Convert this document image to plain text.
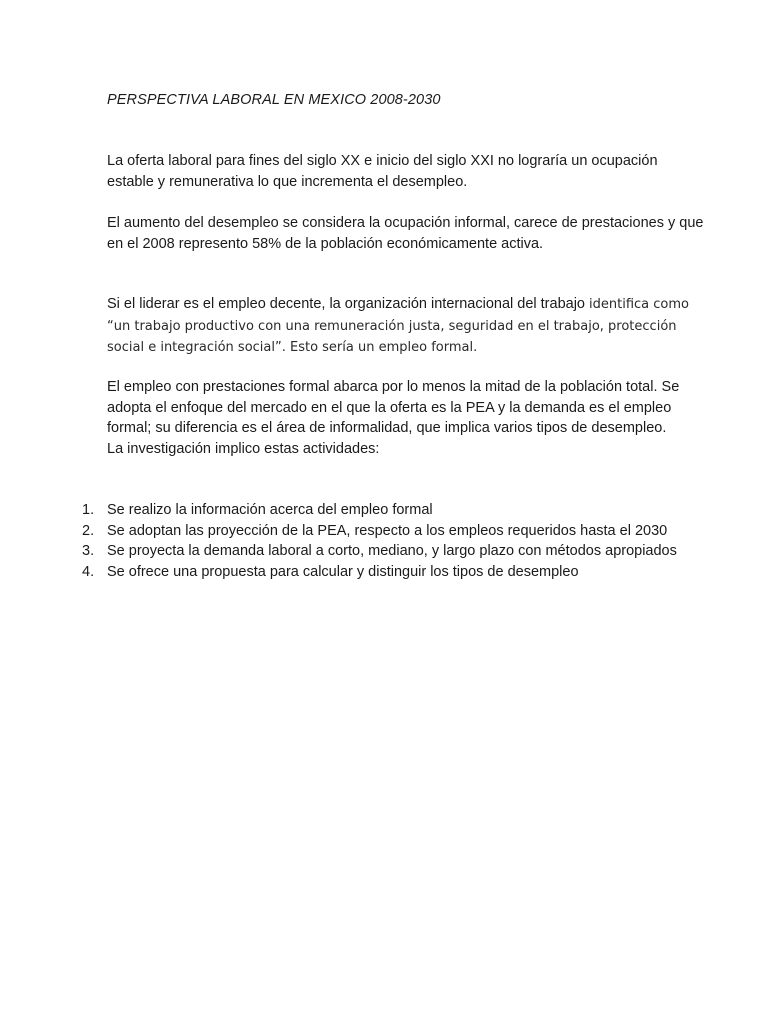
PERSPECTIVA LABORAL EN MEXICO 2008-2030

La oferta laboral para fines del siglo XX e inicio del siglo XXI no lograría un ocupación estable y remunerativa lo que incrementa el desempleo.

El aumento del desempleo se considera la ocupación informal, carece de prestaciones y que en el 2008 represento 58% de la población económicamente activa.

Si el liderar es el empleo decente, la organización internacional del trabajo identifica como “un trabajo productivo con una remuneración justa, seguridad en el trabajo, protección social e integración social”. Esto sería un empleo formal.

El empleo con prestaciones formal abarca por lo menos la mitad de la población total. Se adopta el enfoque del mercado en el que la oferta es la PEA y la demanda es el empleo formal; su diferencia es el área de informalidad, que implica varios tipos de desempleo.
La investigación implico estas actividades:

1. Se realizo la información acerca del empleo formal
2. Se adoptan las proyección de la PEA, respecto a los empleos requeridos hasta el 2030
3. Se proyecta la demanda laboral a corto, mediano, y largo plazo con métodos apropiados
4. Se ofrece una propuesta para calcular y distinguir los tipos de desempleo
